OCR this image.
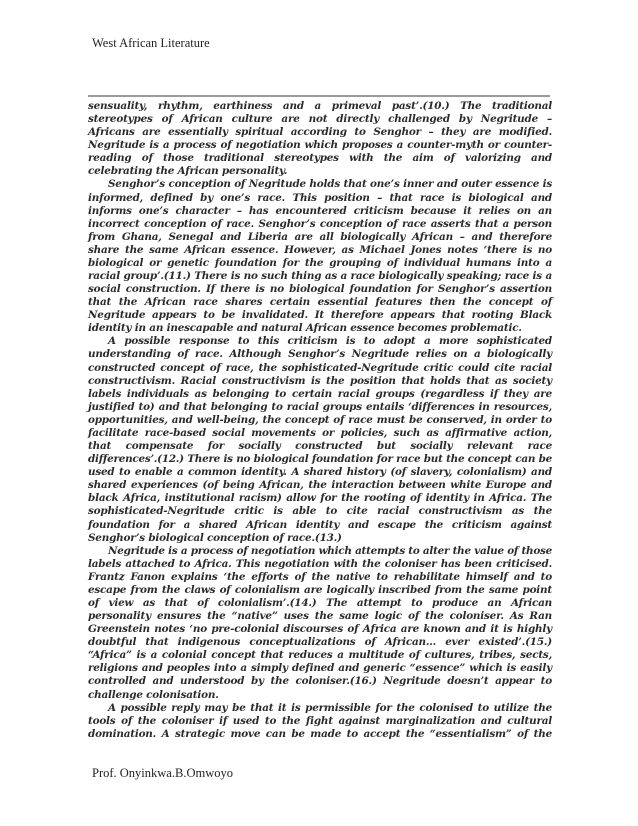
West African Literature
sensuality, rhythm, earthiness and a primeval past’.(10.) The traditional
stereotypes of African culture are not directly challenged by Negritude –
Africans are essentially spiritual according to Senghor – they are modified.
Negritude is a process of negotiation which proposes a counter-myth or counter-
reading of those traditional stereotypes with the aim of valorizing and
celebrating the African personality.
Senghor’s conception of Negritude holds that one’s inner and outer essence is
informed, defined by one’s race. This position – that race is biological and
informs one’s character – has encountered criticism because it relies on an
incorrect conception of race. Senghor’s conception of race asserts that a person
from Ghana, Senegal and Liberia are all biologically African – and therefore
share the same African essence. However, as Michael Jones notes ‘there is no
biological or genetic foundation for the grouping of individual humans into a
racial group’.(11.) There is no such thing as a race biologically speaking; race is a
social construction. If there is no biological foundation for Senghor’s assertion
that the African race shares certain essential features then the concept of
Negritude appears to be invalidated. It therefore appears that rooting Black
identity in an inescapable and natural African essence becomes problematic.
A possible response to this criticism is to adopt a more sophisticated
understanding of race. Although Senghor’s Negritude relies on a biologically
constructed concept of race, the sophisticated-Negritude critic could cite racial
constructivism. Racial constructivism is the position that holds that as society
labels individuals as belonging to certain racial groups (regardless if they are
justified to) and that belonging to racial groups entails ‘differences in resources,
opportunities, and well-being, the concept of race must be conserved, in order to
facilitate race-based social movements or policies, such as affirmative action,
that compensate for socially constructed but socially relevant race
differences’.(12.) There is no biological foundation for race but the concept can be
used to enable a common identity. A shared history (of slavery, colonialism) and
shared experiences (of being African, the interaction between white Europe and
black Africa, institutional racism) allow for the rooting of identity in Africa. The
sophisticated-Negritude critic is able to cite racial constructivism as the
foundation for a shared African identity and escape the criticism against
Senghor’s biological conception of race.(13.)
Negritude is a process of negotiation which attempts to alter the value of those
labels attached to Africa. This negotiation with the coloniser has been criticised.
Frantz Fanon explains ‘the efforts of the native to rehabilitate himself and to
escape from the claws of colonialism are logically inscribed from the same point
of view as that of colonialism’.(14.) The attempt to produce an African
personality ensures the “native” uses the same logic of the coloniser. As Ran
Greenstein notes ‘no pre-colonial discourses of Africa are known and it is highly
doubtful that indigenous conceptualizations of African… ever existed’.(15.)
“Africa” is a colonial concept that reduces a multitude of cultures, tribes, sects,
religions and peoples into a simply defined and generic “essence” which is easily
controlled and understood by the coloniser.(16.) Negritude doesn’t appear to
challenge colonisation.
A possible reply may be that it is permissible for the colonised to utilize the
tools of the coloniser if used to the fight against marginalization and cultural
domination. A strategic move can be made to accept the “essentialism” of the
Prof. Onyinkwa.B.Omwoyo
